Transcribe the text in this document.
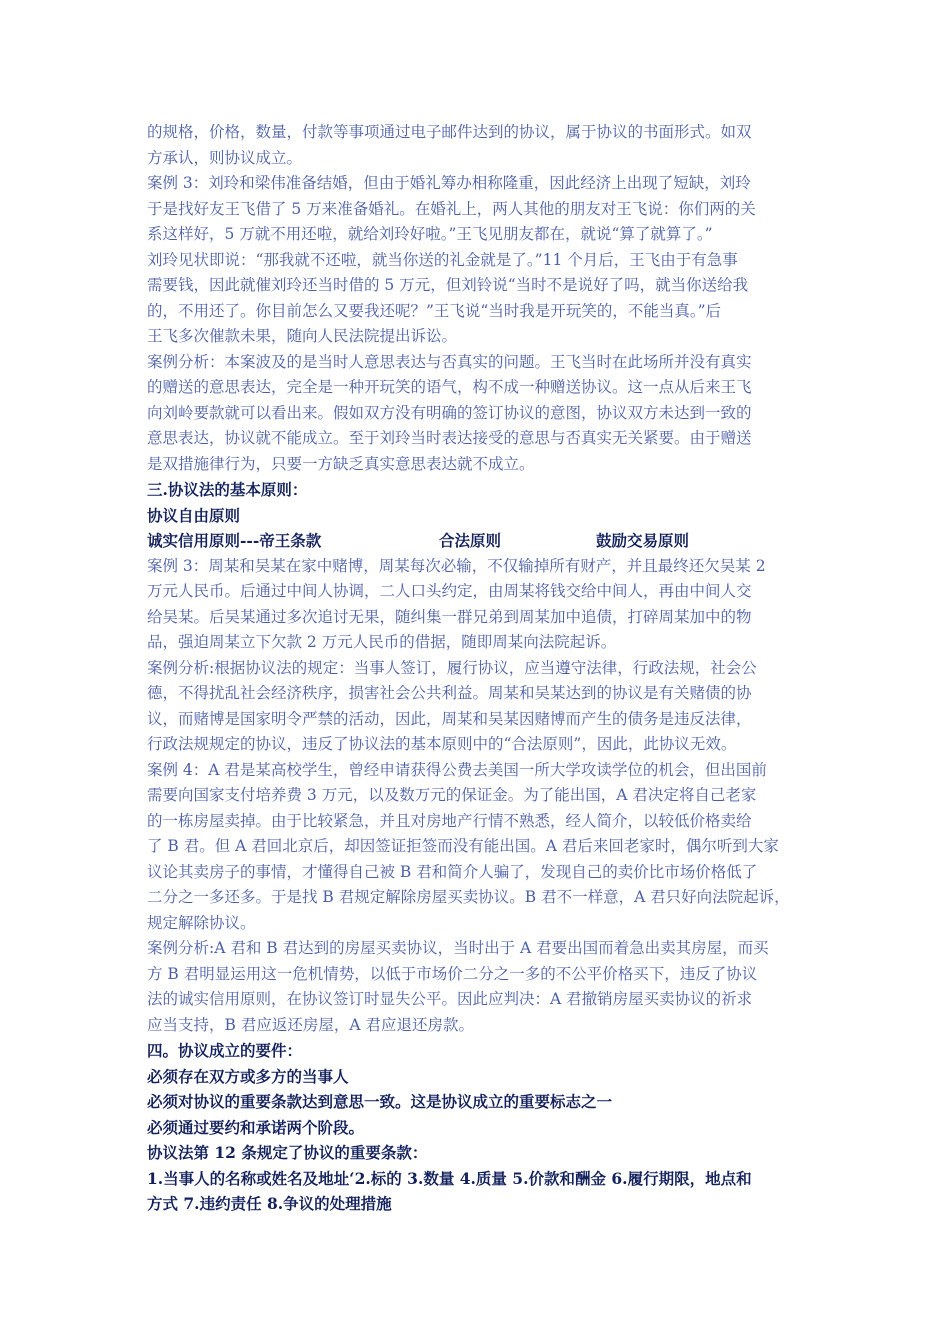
的规格，价格，数量，付款等事项通过电子邮件达到的协议，属于协议的书面形式。如双
方承认，则协议成立。
案例 3：刘玲和梁伟准备结婚，但由于婚礼筹办相称隆重，因此经济上出现了短缺，刘玲
于是找好友王飞借了 5 万来准备婚礼。在婚礼上，两人其他的朋友对王飞说：你们两的关
系这样好，5 万就不用还啦，就给刘玲好啦。”王飞见朋友都在，就说“算了就算了。”
刘玲见状即说：“那我就不还啦，就当你送的礼金就是了。”11 个月后，王飞由于有急事
需要钱，因此就催刘玲还当时借的 5 万元，但刘铃说“当时不是说好了吗，就当你送给我
的，不用还了。你目前怎么又要我还呢？”王飞说“当时我是开玩笑的，不能当真。”后
王飞多次催款未果，随向人民法院提出诉讼。
案例分析：本案波及的是当时人意思表达与否真实的问题。王飞当时在此场所并没有真实
的赠送的意思表达，完全是一种开玩笑的语气，构不成一种赠送协议。这一点从后来王飞
向刘岭要款就可以看出来。假如双方没有明确的签订协议的意图，协议双方未达到一致的
意思表达，协议就不能成立。至于刘玲当时表达接受的意思与否真实无关紧要。由于赠送
是双措施律行为，只要一方缺乏真实意思表达就不成立。
三.协议法的基本原则：
协议自由原则
诚实信用原则---帝王条款	合法原则	鼓励交易原则
案例 3：周某和吴某在家中赌博，周某每次必输，不仅输掉所有财产，并且最终还欠吴某 2
万元人民币。后通过中间人协调，二人口头约定，由周某将钱交给中间人，再由中间人交
给吴某。后吴某通过多次追讨无果，随纠集一群兄弟到周某加中追债，打碎周某加中的物
品，强迫周某立下欠款 2 万元人民币的借据，随即周某向法院起诉。
案例分析:根据协议法的规定：当事人签订，履行协议，应当遵守法律，行政法规，社会公
德，不得扰乱社会经济秩序，损害社会公共利益。周某和吴某达到的协议是有关赌债的协
议，而赌博是国家明令严禁的活动，因此，周某和吴某因赌博而产生的债务是违反法律，
行政法规规定的协议，违反了协议法的基本原则中的“合法原则”，因此，此协议无效。
案例 4：A 君是某高校学生，曾经申请获得公费去美国一所大学攻读学位的机会，但出国前
需要向国家支付培养费 3 万元，以及数万元的保证金。为了能出国，A 君决定将自己老家
的一栋房屋卖掉。由于比较紧急，并且对房地产行情不熟悉，经人简介，以较低价格卖给
了 B 君。但 A 君回北京后，却因签证拒签而没有能出国。A 君后来回老家时，偶尔听到大家
议论其卖房子的事情，才懂得自己被 B 君和简介人骗了，发现自己的卖价比市场价格低了
二分之一多还多。于是找 B 君规定解除房屋买卖协议。B 君不一样意，A 君只好向法院起诉，
规定解除协议。
案例分析:A 君和 B 君达到的房屋买卖协议，当时出于 A 君要出国而着急出卖其房屋，而买
方 B 君明显运用这一危机情势，以低于市场价二分之一多的不公平价格买下，违反了协议
法的诚实信用原则，在协议签订时显失公平。因此应判决：A 君撤销房屋买卖协议的祈求
应当支持，B 君应返还房屋，A 君应退还房款。
四。协议成立的要件：
必须存在双方或多方的当事人
必须对协议的重要条款达到意思一致。这是协议成立的重要标志之一
必须通过要约和承诺两个阶段。
协议法第 12 条规定了协议的重要条款：
1.当事人的名称或姓名及地址‘2.标的 3.数量 4.质量 5.价款和酬金 6.履行期限，地点和
方式 7.违约责任 8.争议的处理措施
